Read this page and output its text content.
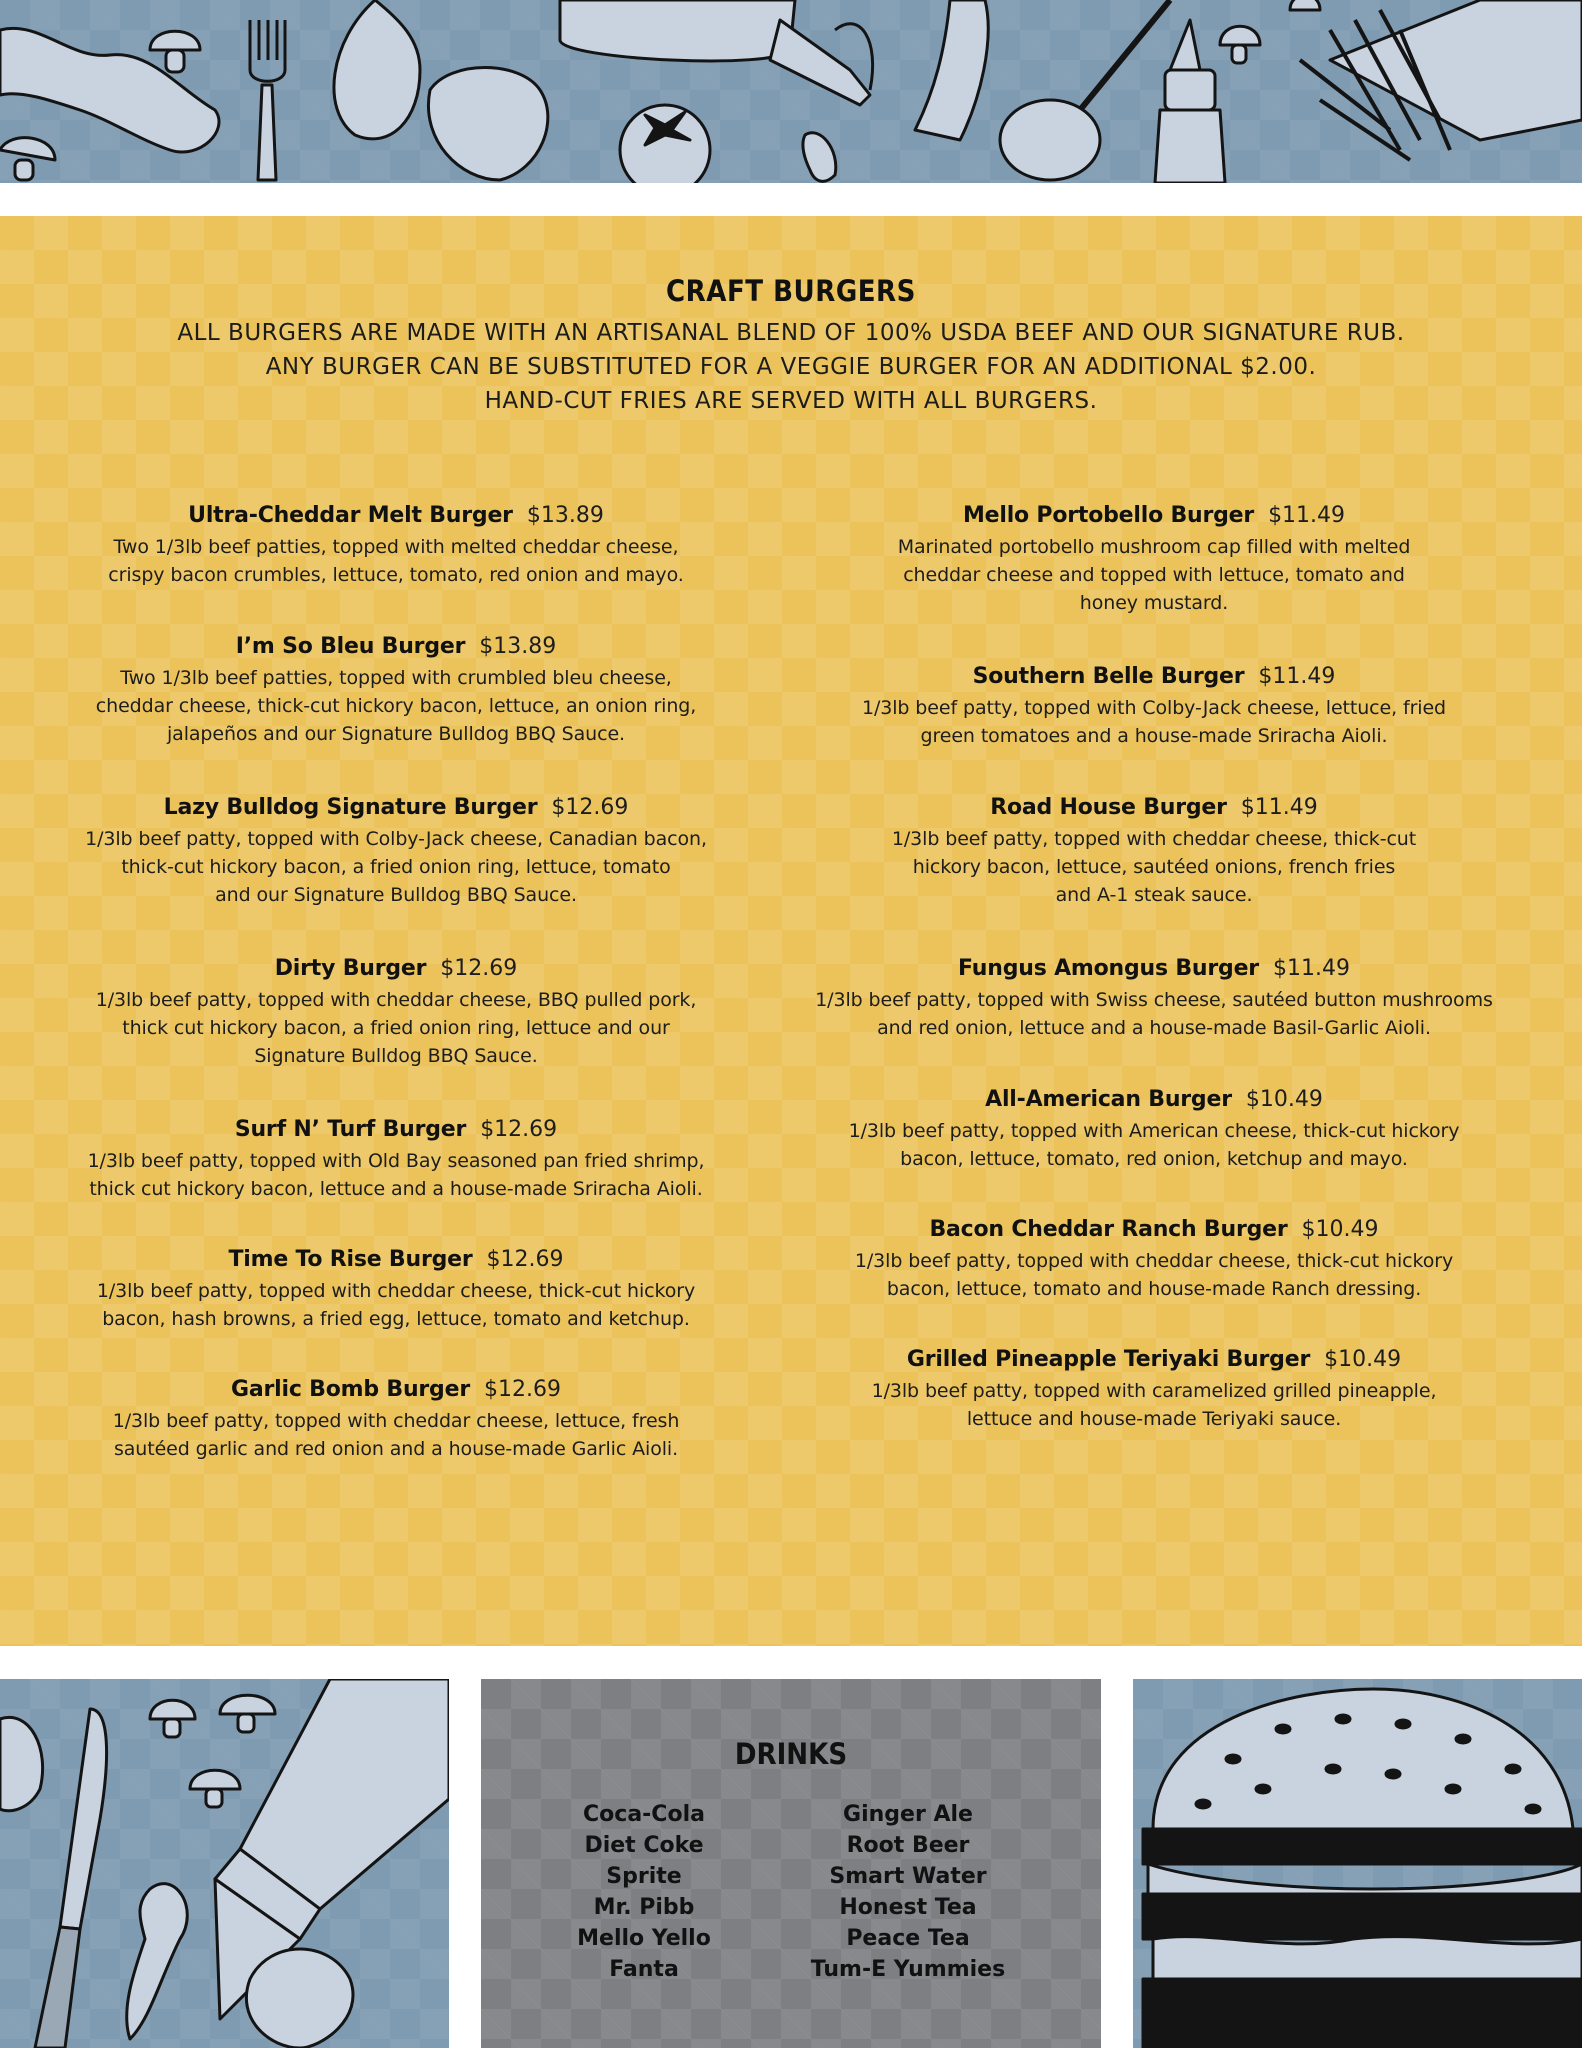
CRAFT BURGERS
ALL BURGERS ARE MADE WITH AN ARTISANAL BLEND OF 100% USDA BEEF AND OUR SIGNATURE RUB.
ANY BURGER CAN BE SUBSTITUTED FOR A VEGGIE BURGER FOR AN ADDITIONAL $2.00.
HAND-CUT FRIES ARE SERVED WITH ALL BURGERS.
Ultra-Cheddar Melt Burger $13.89
Two 1/3lb beef patties, topped with melted cheddar cheese,
crispy bacon crumbles, lettuce, tomato, red onion and mayo.
I’m So Bleu Burger $13.89
Two 1/3lb beef patties, topped with crumbled bleu cheese,
cheddar cheese, thick-cut hickory bacon, lettuce, an onion ring,
jalapeños and our Signature Bulldog BBQ Sauce.
Lazy Bulldog Signature Burger $12.69
1/3lb beef patty, topped with Colby-Jack cheese, Canadian bacon,
thick-cut hickory bacon, a fried onion ring, lettuce, tomato
and our Signature Bulldog BBQ Sauce.
Dirty Burger $12.69
1/3lb beef patty, topped with cheddar cheese, BBQ pulled pork,
thick cut hickory bacon, a fried onion ring, lettuce and our
Signature Bulldog BBQ Sauce.
Surf N’ Turf Burger $12.69
1/3lb beef patty, topped with Old Bay seasoned pan fried shrimp,
thick cut hickory bacon, lettuce and a house-made Sriracha Aioli.
Time To Rise Burger $12.69
1/3lb beef patty, topped with cheddar cheese, thick-cut hickory
bacon, hash browns, a fried egg, lettuce, tomato and ketchup.
Garlic Bomb Burger $12.69
1/3lb beef patty, topped with cheddar cheese, lettuce, fresh
sautéed garlic and red onion and a house-made Garlic Aioli.
Mello Portobello Burger $11.49
Marinated portobello mushroom cap filled with melted
cheddar cheese and topped with lettuce, tomato and
honey mustard.
Southern Belle Burger $11.49
1/3lb beef patty, topped with Colby-Jack cheese, lettuce, fried
green tomatoes and a house-made Sriracha Aioli.
Road House Burger $11.49
1/3lb beef patty, topped with cheddar cheese, thick-cut
hickory bacon, lettuce, sautéed onions, french fries
and A-1 steak sauce.
Fungus Amongus Burger $11.49
1/3lb beef patty, topped with Swiss cheese, sautéed button mushrooms
and red onion, lettuce and a house-made Basil-Garlic Aioli.
All-American Burger $10.49
1/3lb beef patty, topped with American cheese, thick-cut hickory
bacon, lettuce, tomato, red onion, ketchup and mayo.
Bacon Cheddar Ranch Burger $10.49
1/3lb beef patty, topped with cheddar cheese, thick-cut hickory
bacon, lettuce, tomato and house-made Ranch dressing.
Grilled Pineapple Teriyaki Burger $10.49
1/3lb beef patty, topped with caramelized grilled pineapple,
lettuce and house-made Teriyaki sauce.
DRINKS
Coca-Cola
Diet Coke
Sprite
Mr. Pibb
Mello Yello
Fanta
Ginger Ale
Root Beer
Smart Water
Honest Tea
Peace Tea
Tum-E Yummies
